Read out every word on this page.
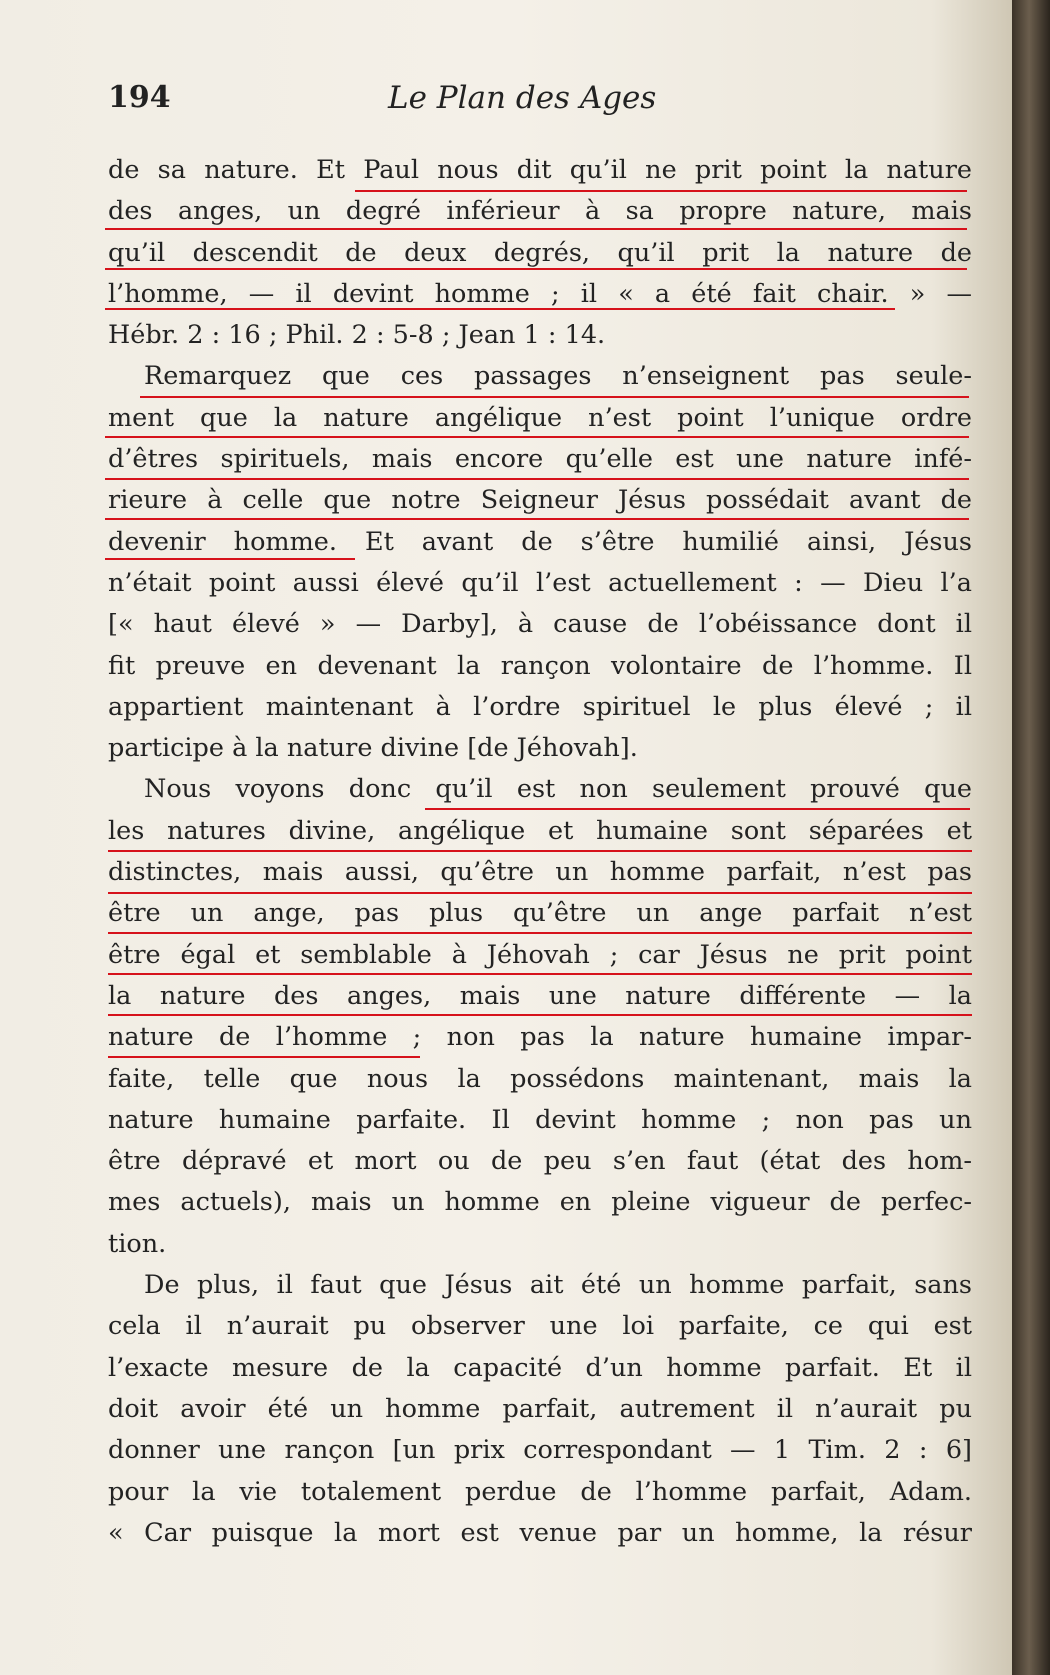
194	Le Plan des Ages
de sa nature. Et Paul nous dit qu’il ne prit point la nature
des anges, un degré inférieur à sa propre nature, mais
qu’il descendit de deux degrés, qu’il prit la nature de
l’homme, — il devint homme ; il « a été fait chair. » —
Hébr. 2 : 16 ; Phil. 2 : 5-8 ; Jean 1 : 14.
Remarquez que ces passages n’enseignent pas seule-
ment que la nature angélique n’est point l’unique ordre
d’êtres spirituels, mais encore qu’elle est une nature infé-
rieure à celle que notre Seigneur Jésus possédait avant de
devenir homme. Et avant de s’être humilié ainsi, Jésus
n’était point aussi élevé qu’il l’est actuellement : — Dieu l’a
[« haut élevé » — Darby], à cause de l’obéissance dont il
fit preuve en devenant la rançon volontaire de l’homme. Il
appartient maintenant à l’ordre spirituel le plus élevé ; il
participe à la nature divine [de Jéhovah].
Nous voyons donc qu’il est non seulement prouvé que
les natures divine, angélique et humaine sont séparées et
distinctes, mais aussi, qu’être un homme parfait, n’est pas
être un ange, pas plus qu’être un ange parfait n’est
être égal et semblable à Jéhovah ; car Jésus ne prit point
la nature des anges, mais une nature différente — la
nature de l’homme ; non pas la nature humaine impar-
faite, telle que nous la possédons maintenant, mais la
nature humaine parfaite. Il devint homme ; non pas un
être dépravé et mort ou de peu s’en faut (état des hom-
mes actuels), mais un homme en pleine vigueur de perfec-
tion.
De plus, il faut que Jésus ait été un homme parfait, sans
cela il n’aurait pu observer une loi parfaite, ce qui est
l’exacte mesure de la capacité d’un homme parfait. Et il
doit avoir été un homme parfait, autrement il n’aurait pu
donner une rançon [un prix correspondant — 1 Tim. 2 : 6]
pour la vie totalement perdue de l’homme parfait, Adam.
« Car puisque la mort est venue par un homme, la résur
